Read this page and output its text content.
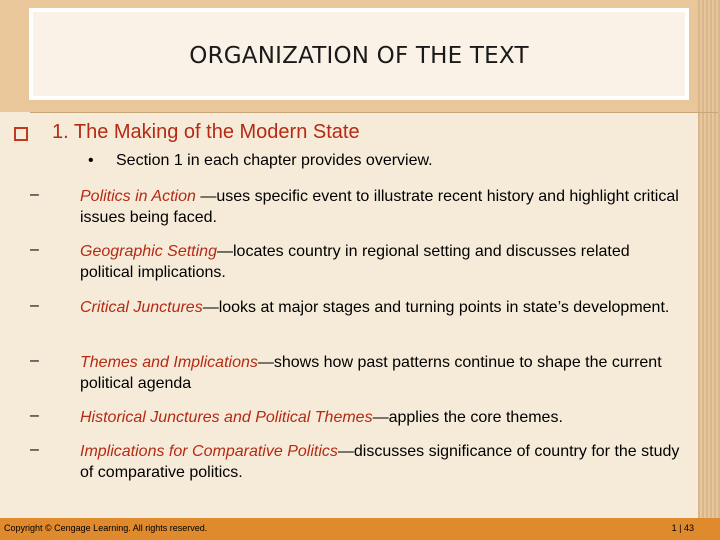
ORGANIZATION OF THE TEXT
1. The Making of the Modern State
• Section 1 in each chapter provides overview.
–	Politics in Action —uses specific event to illustrate recent history and highlight critical issues being faced.
–	Geographic Setting—locates country in regional setting and discusses related political implications.
–	Critical Junctures—looks at major stages and turning points in state’s development.
–	Themes and Implications—shows how past patterns continue to shape the current political agenda
–	Historical Junctures and Political Themes—applies the core themes.
–	Implications for Comparative Politics—discusses significance of country for the study of comparative politics.
Copyright © Cengage Learning. All rights reserved.	1 | 43
